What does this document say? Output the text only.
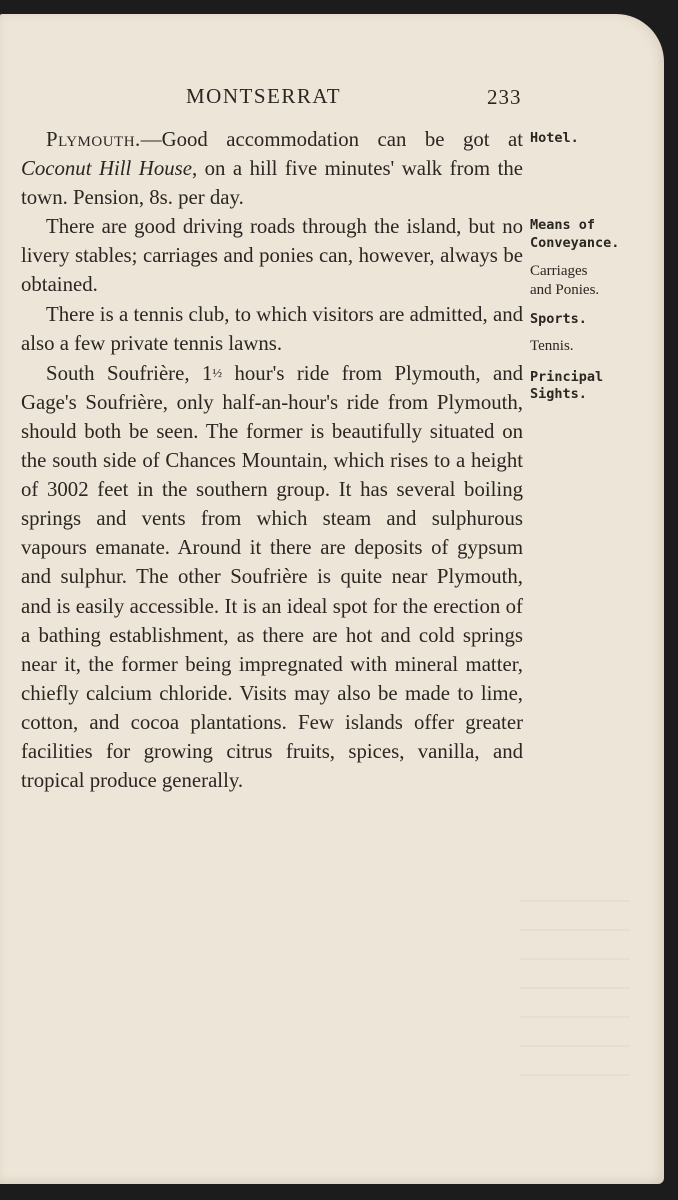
MONTSERRAT	233

Plymouth.—Good accommodation can be got at Coconut Hill House, on a hill five minutes' walk from the town. Pension, 8s. per day.

There are good driving roads through the island, but no livery stables; carriages and ponies can, however, always be obtained.

There is a tennis club, to which visitors are admitted, and also a few private tennis lawns.

South Soufrière, 1½ hour's ride from Plymouth, and Gage's Soufrière, only half-an-hour's ride from Plymouth, should both be seen. The former is beautifully situated on the south side of Chances Mountain, which rises to a height of 3002 feet in the southern group. It has several boiling springs and vents from which steam and sulphurous vapours emanate. Around it there are deposits of gypsum and sulphur. The other Soufrière is quite near Plymouth, and is easily accessible. It is an ideal spot for the erection of a bathing establishment, as there are hot and cold springs near it, the former being impregnated with mineral matter, chiefly calcium chloride. Visits may also be made to lime, cotton, and cocoa plantations. Few islands offer greater facilities for growing citrus fruits, spices, vanilla, and tropical produce generally.

Hotel.
Means of
Conveyance.
Carriages
and Ponies.
Sports.
Tennis.
Principal
Sights.
